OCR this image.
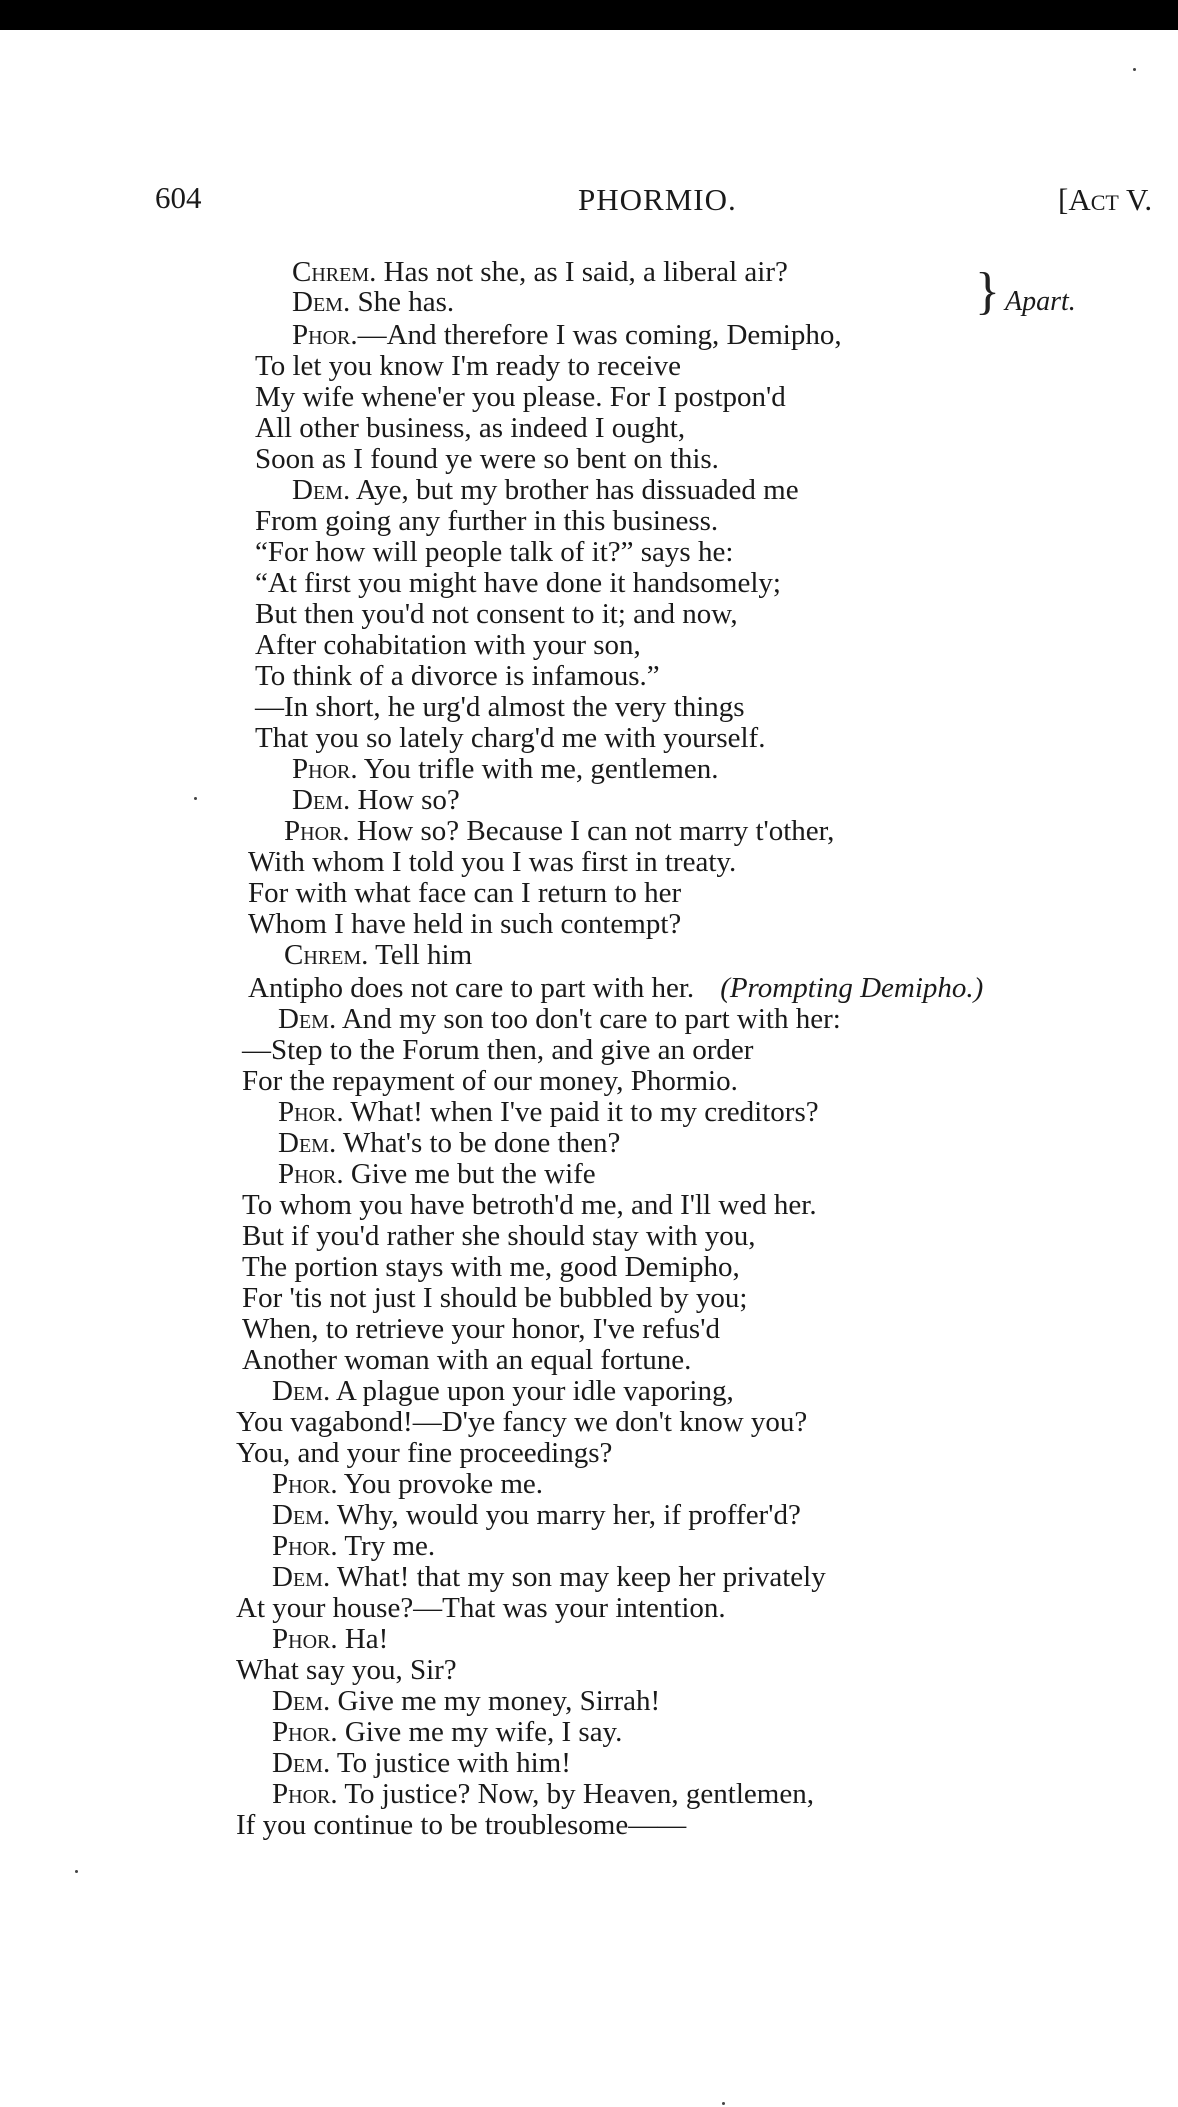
604	PHORMIO.	[Act V.
} Apart.
Chrem. Has not she, as I said, a liberal air?
Dem. She has.
Phor.—And therefore I was coming, Demipho,
To let you know I'm ready to receive
My wife whene'er you please. For I postpon'd
All other business, as indeed I ought,
Soon as I found ye were so bent on this.
Dem. Aye, but my brother has dissuaded me
From going any further in this business.
“For how will people talk of it?” says he:
“At first you might have done it handsomely;
But then you'd not consent to it; and now,
After cohabitation with your son,
To think of a divorce is infamous.”
—In short, he urg'd almost the very things
That you so lately charg'd me with yourself.
Phor. You trifle with me, gentlemen.
Dem. How so?
Phor. How so? Because I can not marry t'other,
With whom I told you I was first in treaty.
For with what face can I return to her
Whom I have held in such contempt?
Chrem. Tell him
Antipho does not care to part with her. (Prompting Demipho.)
Dem. And my son too don't care to part with her:
—Step to the Forum then, and give an order
For the repayment of our money, Phormio.
Phor. What! when I've paid it to my creditors?
Dem. What's to be done then?
Phor. Give me but the wife
To whom you have betroth'd me, and I'll wed her.
But if you'd rather she should stay with you,
The portion stays with me, good Demipho,
For 'tis not just I should be bubbled by you;
When, to retrieve your honor, I've refus'd
Another woman with an equal fortune.
Dem. A plague upon your idle vaporing,
You vagabond!—D'ye fancy we don't know you?
You, and your fine proceedings?
Phor. You provoke me.
Dem. Why, would you marry her, if proffer'd?
Phor. Try me.
Dem. What! that my son may keep her privately
At your house?—That was your intention.
Phor. Ha!
What say you, Sir?
Dem. Give me my money, Sirrah!
Phor. Give me my wife, I say.
Dem. To justice with him!
Phor. To justice? Now, by Heaven, gentlemen,
If you continue to be troublesome——
